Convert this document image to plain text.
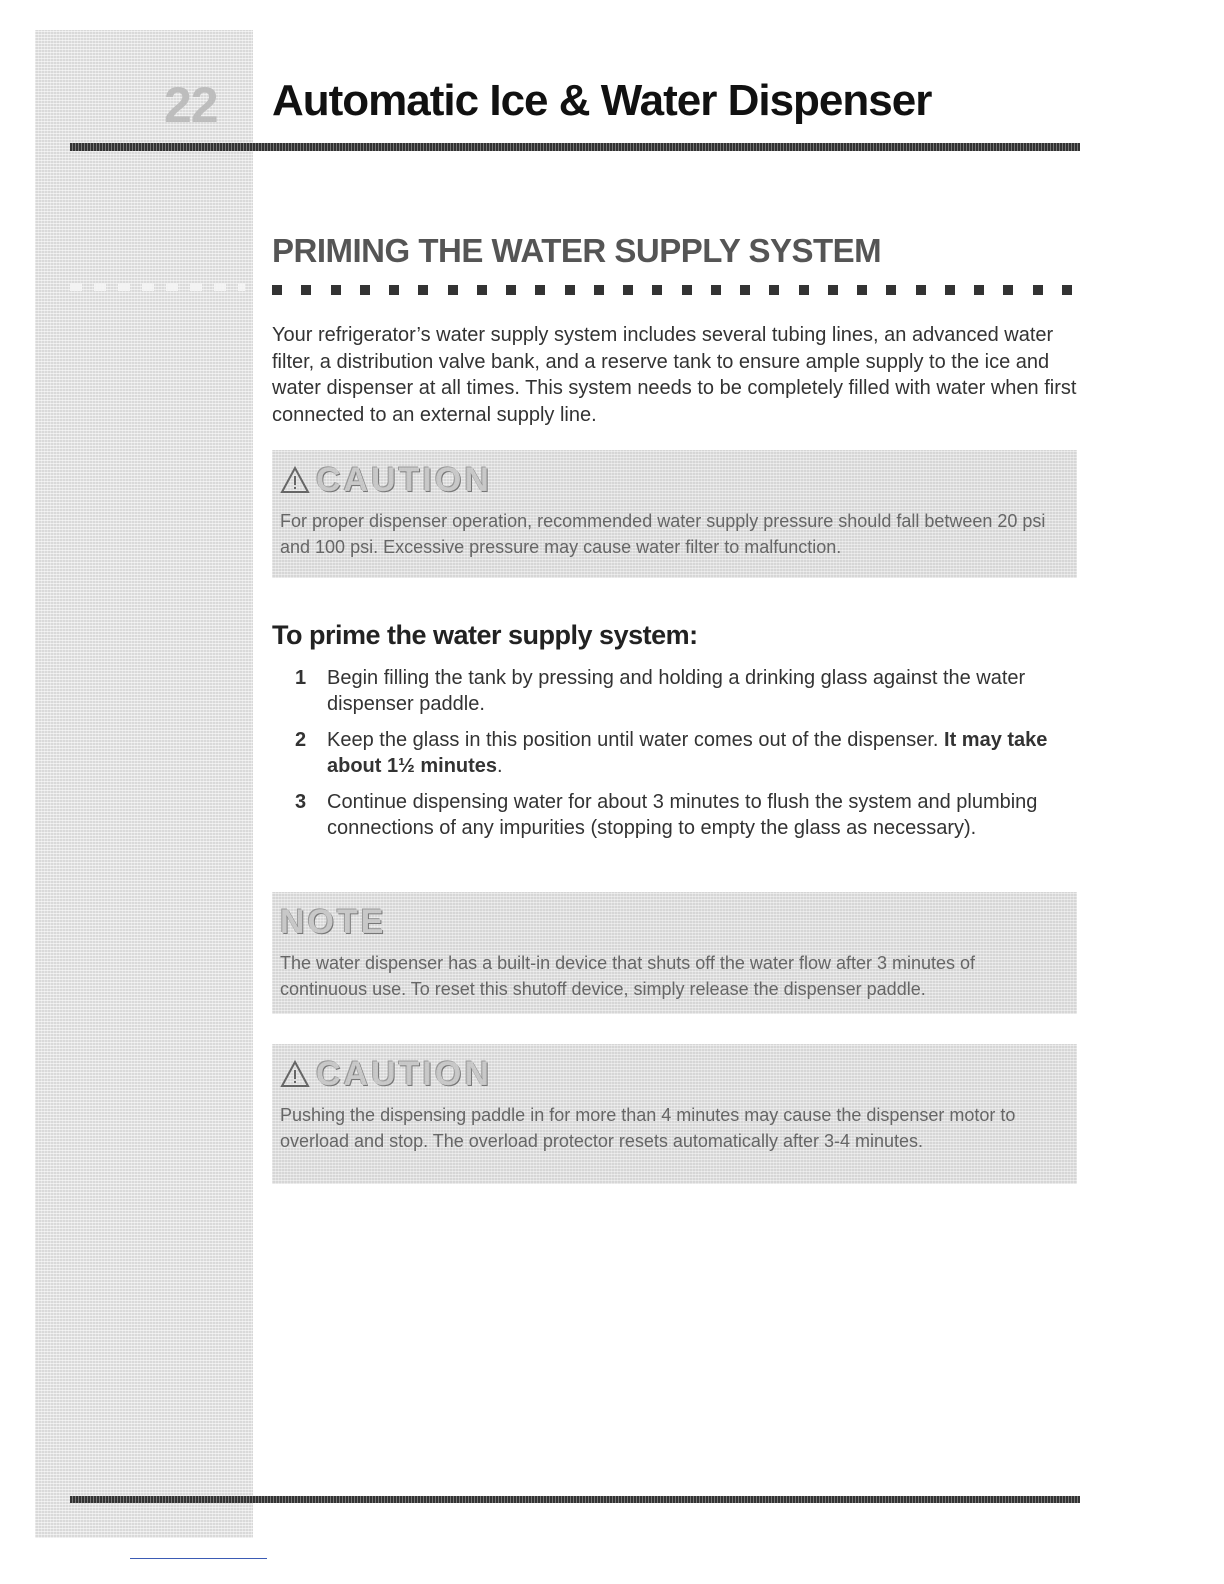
22 Automatic Ice & Water Dispenser
PRIMING THE WATER SUPPLY SYSTEM

Your refrigerator’s water supply system includes several tubing lines, an advanced water filter, a distribution valve bank, and a reserve tank to ensure ample supply to the ice and water dispenser at all times. This system needs to be completely filled with water when first connected to an external supply line.

CAUTION

For proper dispenser operation, recommended water supply pressure should fall between 20 psi and 100 psi. Excessive pressure may cause water filter to malfunction.

To prime the water supply system:
1	Begin filling the tank by pressing and holding a drinking glass against the water dispenser paddle.
2	Keep the glass in this position until water comes out of the dispenser. It may take about 1½ minutes.
3	Continue dispensing water for about 3 minutes to flush the system and plumbing connections of any impurities (stopping to empty the glass as necessary).
NOTE

The water dispenser has a built-in device that shuts off the water flow after 3 minutes of continuous use. To reset this shutoff device, simply release the dispenser paddle.

CAUTION

Pushing the dispensing paddle in for more than 4 minutes may cause the dispenser motor to overload and stop. The overload protector resets automatically after 3-4 minutes.
